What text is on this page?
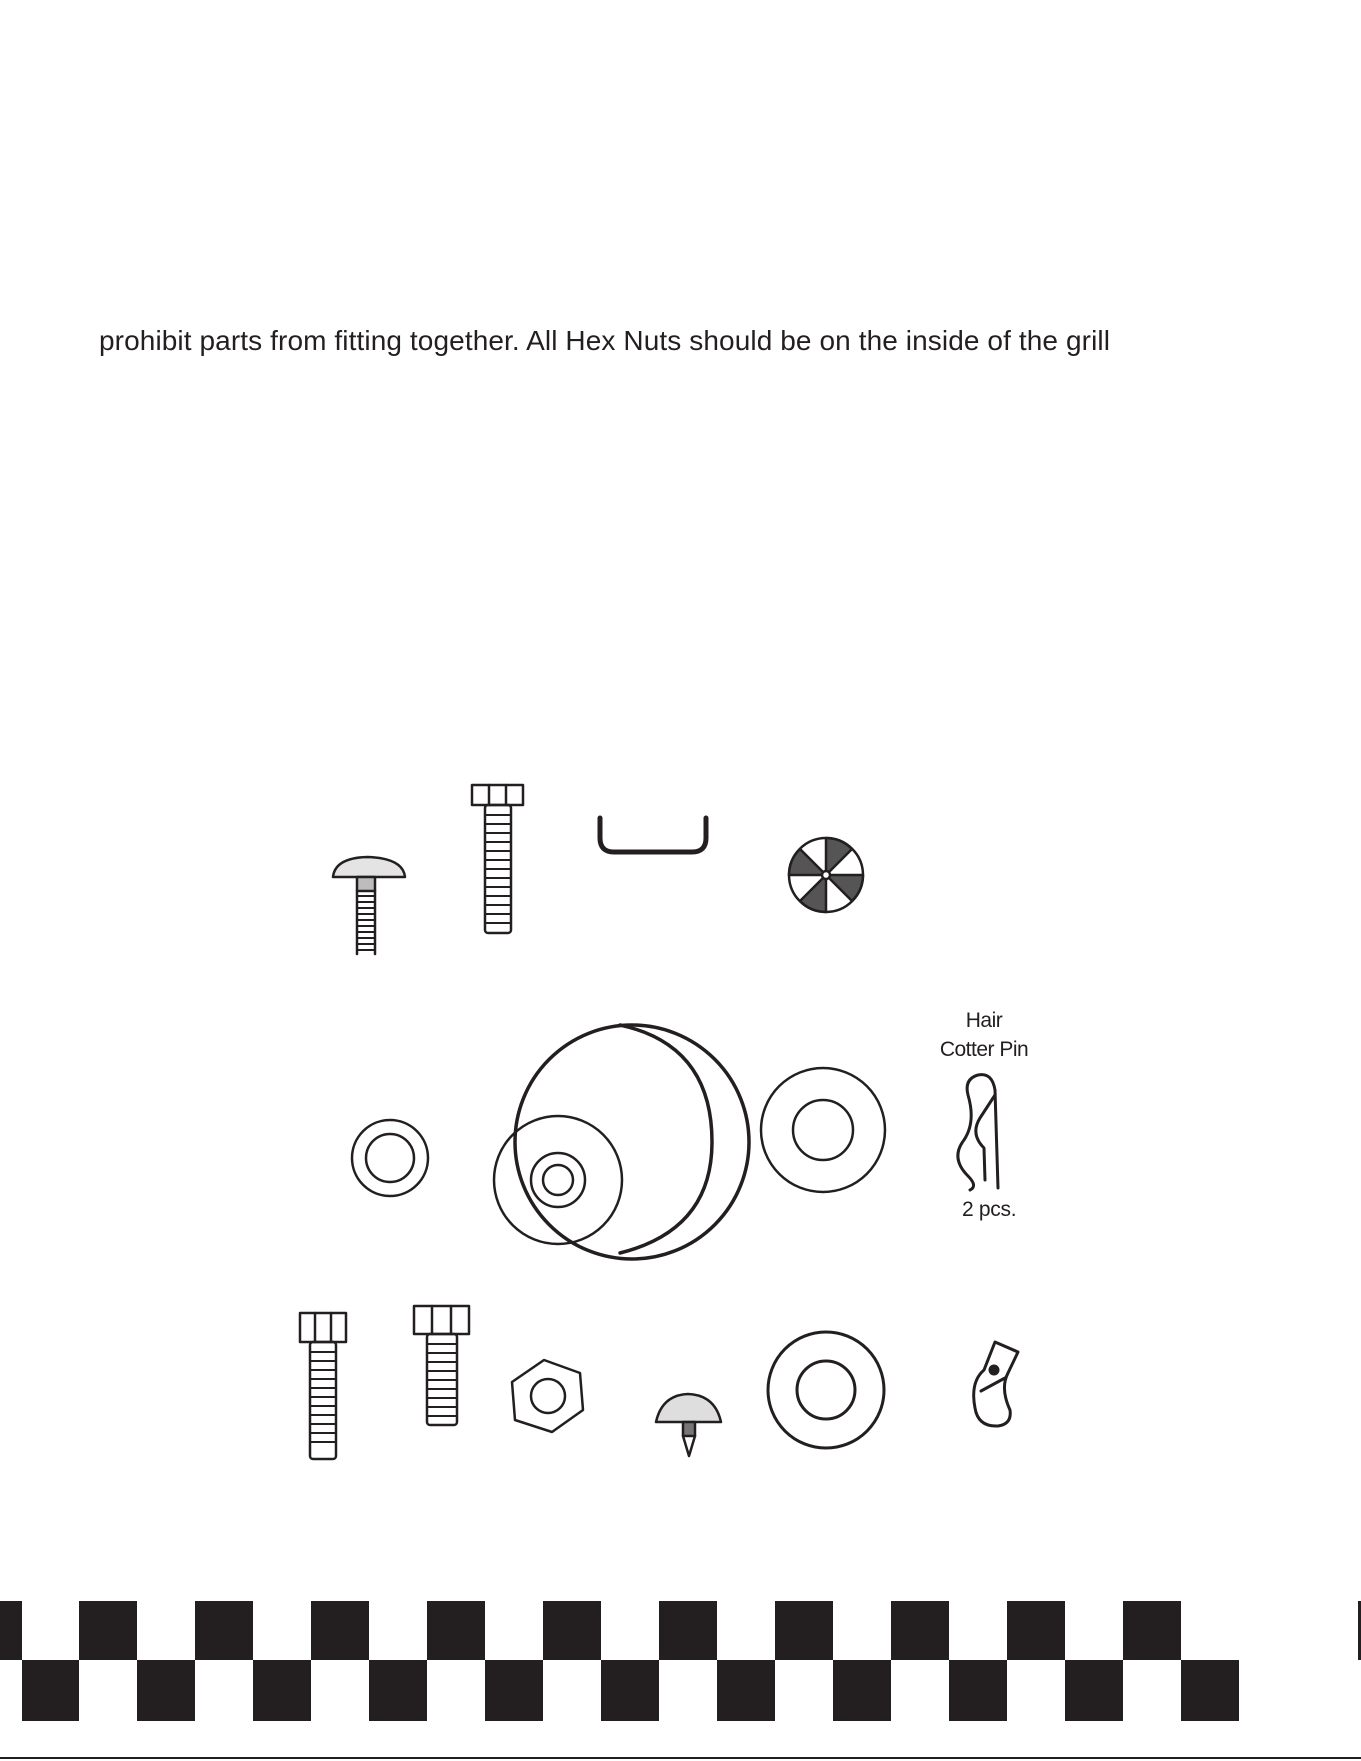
prohibit parts from fitting together. All Hex Nuts should be on the inside of the grill
Hair
Cotter Pin
2 pcs.
